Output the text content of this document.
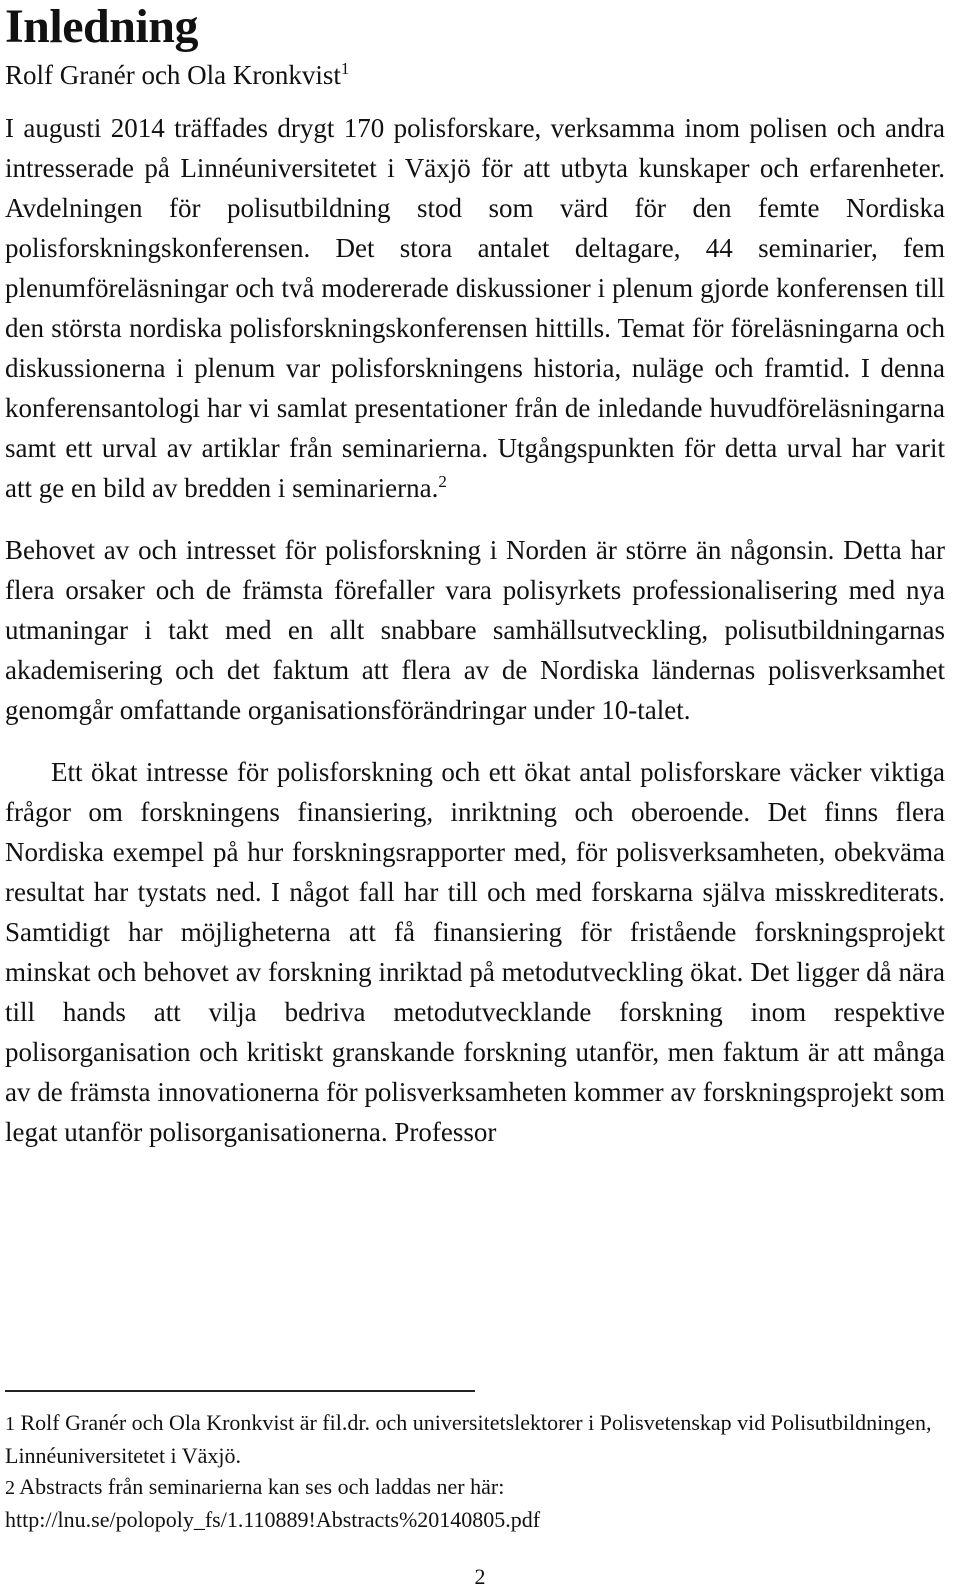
Inledning
Rolf Granér och Ola Kronkvist$^1$

I augusti 2014 träffades drygt 170 polisforskare, verksamma inom polisen och andra intresserade på Linnéuniversitetet i Växjö för att utbyta kunskaper och erfarenheter. Avdelningen för polisutbildning stod som värd för den femte Nordiska polisforskningskonferensen. Det stora antalet deltagare, 44 seminarier, fem plenumföreläsningar och två modererade diskussioner i plenum gjorde konferensen till den största nordiska polisforskningskonferensen hittills. Temat för föreläsningarna och diskussionerna i plenum var polisforskningens historia, nuläge och framtid. I denna konferensantologi har vi samlat presentationer från de inledande huvudföreläsningarna samt ett urval av artiklar från seminarierna. Utgångspunkten för detta urval har varit att ge en bild av bredden i seminarierna.$^2$

Behovet av och intresset för polisforskning i Norden är större än någonsin. Detta har flera orsaker och de främsta förefaller vara polisyrkets professionalisering med nya utmaningar i takt med en allt snabbare samhällsutveckling, polisutbildningarnas akademisering och det faktum att flera av de Nordiska ländernas polisverksamhet genomgår omfattande organisationsförändringar under 10-talet.

Ett ökat intresse för polisforskning och ett ökat antal polisforskare väcker viktiga frågor om forskningens finansiering, inriktning och oberoende. Det finns flera Nordiska exempel på hur forskningsrapporter med, för polisverksamheten, obekväma resultat har tystats ned. I något fall har till och med forskarna själva misskrediterats. Samtidigt har möjligheterna att få finansiering för fristående forskningsprojekt minskat och behovet av forskning inriktad på metodutveckling ökat. Det ligger då nära till hands att vilja bedriva metodutvecklande forskning inom respektive polisorganisation och kritiskt granskande forskning utanför, men faktum är att många av de främsta innovationerna för polisverksamheten kommer av forskningsprojekt som legat utanför polisorganisationerna. Professor

1 Rolf Granér och Ola Kronkvist är fil.dr. och universitetslektorer i Polisvetenskap vid Polisutbildningen, Linnéuniversitetet i Växjö.

2 Abstracts från seminarierna kan ses och laddas ner här: http://lnu.se/polopoly_fs/1.110889!Abstracts%20140805.pdf

2
